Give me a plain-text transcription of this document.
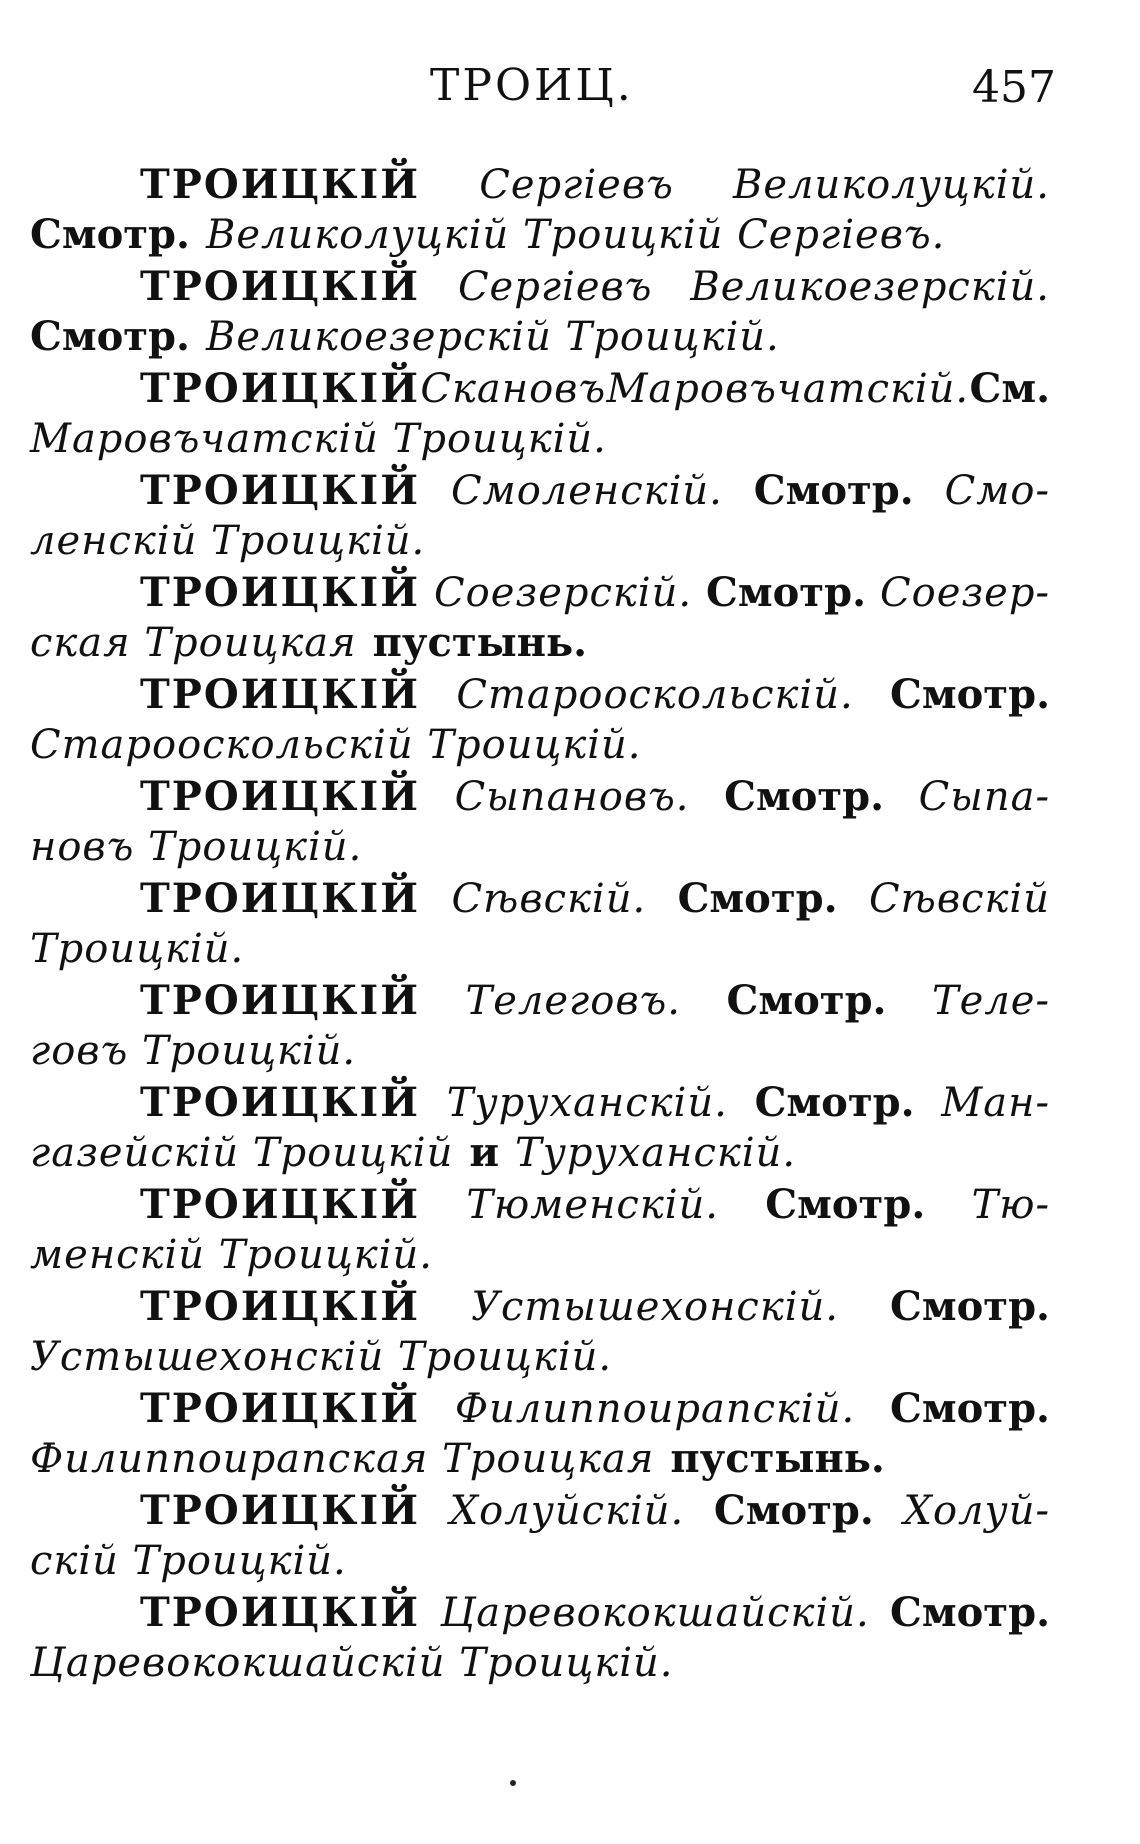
ТРОИЦ.	457
ТРОИЦКІЙ Сергіевъ Великолуцкій.
Смотр. Великолуцкій Троицкій Сергіевъ.
ТРОИЦКІЙ Сергіевъ Великоезерскій.
Смотр. Великоезерскій Троицкій.
ТРОИЦКІЙ Скановъ Маровъчатскій. См.
Маровъчатскій Троицкій.
ТРОИЦКІЙ Смоленскій. Смотр. Смо-
ленскій Троицкій.
ТРОИЦКІЙ Соезерскій. Смотр. Соезер-
ская Троицкая пустынь.
ТРОИЦКІЙ Старооскольскій. Смотр.
Старооскольскій Троицкій.
ТРОИЦКІЙ Сыпановъ. Смотр. Сыпа-
новъ Троицкій.
ТРОИЦКІЙ Сѣвскій. Смотр. Сѣвскій
Троицкій.
ТРОИЦКІЙ Телеговъ. Смотр. Теле-
говъ Троицкій.
ТРОИЦКІЙ Туруханскій. Смотр. Ман-
газейскій Троицкій и Туруханскій.
ТРОИЦКІЙ Тюменскій. Смотр. Тю-
менскій Троицкій.
ТРОИЦКІЙ Устышехонскій. Смотр.
Устышехонскій Троицкій.
ТРОИЦКІЙ Филиппоирапскій. Смотр.
Филиппоирапская Троицкая пустынь.
ТРОИЦКІЙ Холуйскій. Смотр. Холуй-
скій Троицкій.
ТРОИЦКІЙ Царевококшайскій. Смотр.
Царевококшайскій Троицкій.
